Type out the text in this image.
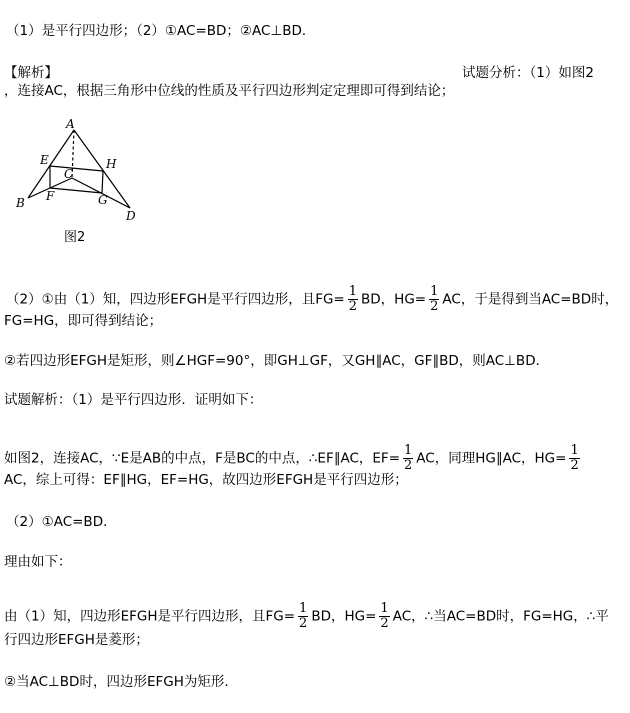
（1）是平行四边形；（2）①AC=BD；②AC⊥BD．
【解析】	试题分析：（1）如图2
，连接AC，根据三角形中位线的性质及平行四边形判定定理即可得到结论；
A
B
C
D
E
F	G
H
图2
（2）①由（1）知，四边形EFGH是平行四边形，且$FG= \frac{1}{2}$ BD，$HG= \frac{1}{2}$ AC，于是得到当AC=BD时，
FG=HG，即可得到结论；
②若四边形EFGH是矩形，则∠HGF=90°，即GH⊥GF，又GH∥AC，GF∥BD，则AC⊥BD．
试题解析：（1）是平行四边形．证明如下：
如图2，连接AC，∵E是AB的中点，F是BC的中点，∴EF∥AC，$EF= \frac{1}{2}$ AC，同理HG∥AC，$HG= \frac{1}{2}$
AC，综上可得：EF∥HG，EF=HG，故四边形EFGH是平行四边形；
（2）①AC=BD．
理由如下：
由（1）知，四边形EFGH是平行四边形，且$FG= \frac{1}{2}$ BD，$HG= \frac{1}{2}$ AC，∴当AC=BD时，FG=HG，∴平
行四边形EFGH是菱形；
②当AC⊥BD时，四边形EFGH为矩形．
